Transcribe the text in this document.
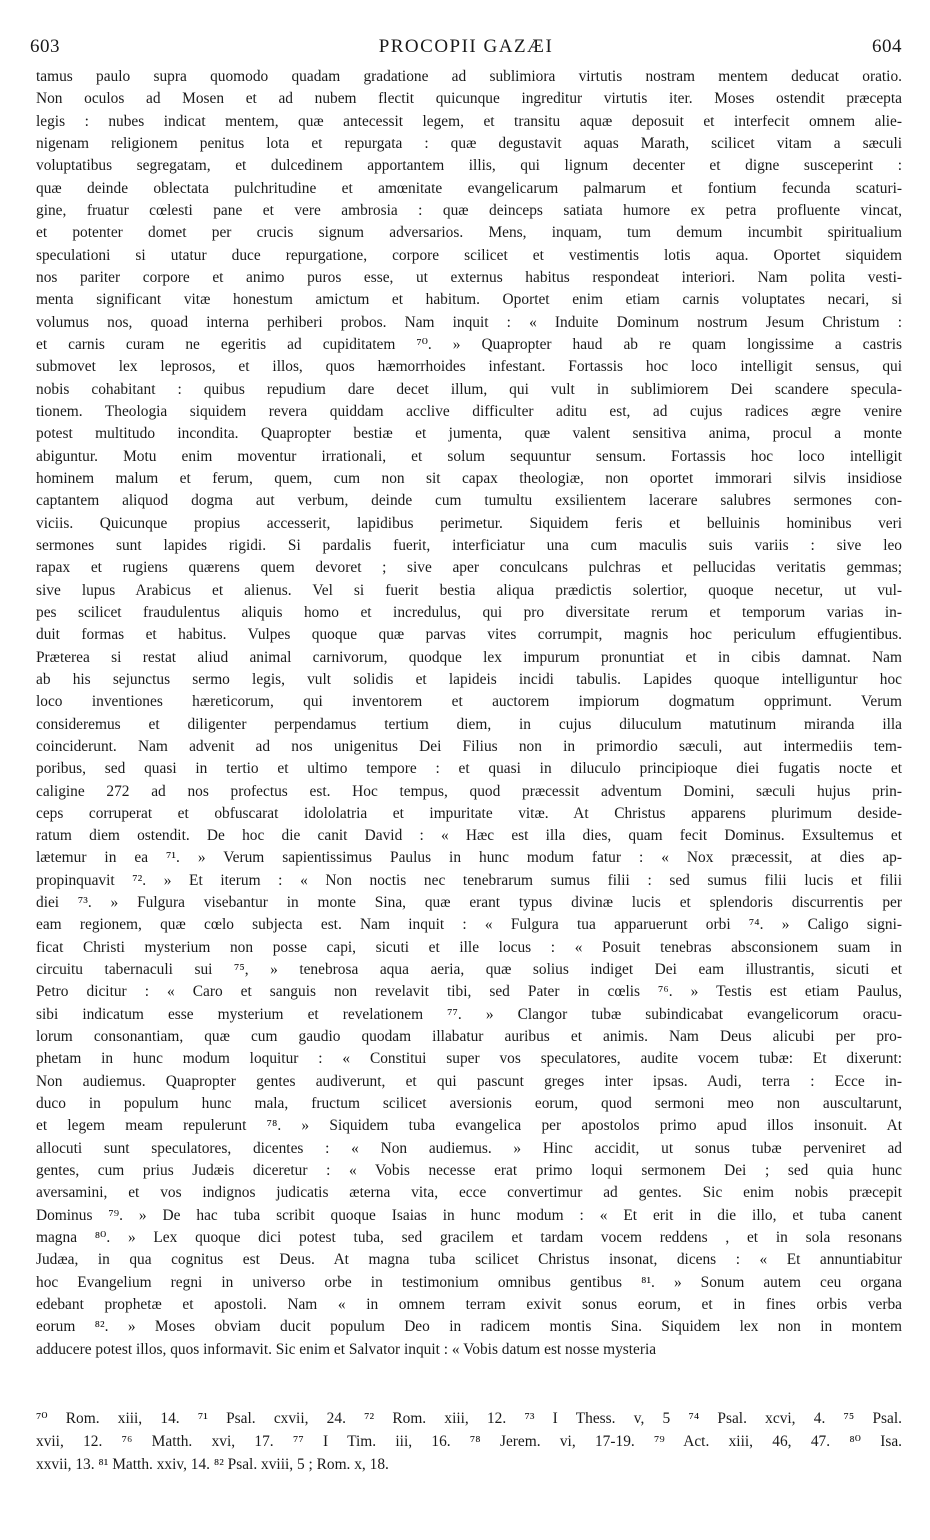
603	PROCOPII GAZÆI	604
tamus paulo supra quomodo quadam gradatione ad sublimiora virtutis nostram mentem deducat oratio.
Non oculos ad Mosen et ad nubem flectit quicunque ingreditur virtutis iter. Moses ostendit præcepta
legis : nubes indicat mentem, quæ antecessit legem, et transitu aquæ deposuit et interfecit omnem alie-
nigenam religionem penitus lota et repurgata : quæ degustavit aquas Marath, scilicet vitam a sæculi
voluptatibus segregatam, et dulcedinem apportantem illis, qui lignum decenter et digne susceperint :
quæ deinde oblectata pulchritudine et amœnitate evangelicarum palmarum et fontium fecunda scaturi-
gine, fruatur cœlesti pane et vere ambrosia : quæ deinceps satiata humore ex petra profluente vincat,
et potenter domet per crucis signum adversarios. Mens, inquam, tum demum incumbit spiritualium
speculationi si utatur duce repurgatione, corpore scilicet et vestimentis lotis aqua. Oportet siquidem
nos pariter corpore et animo puros esse, ut externus habitus respondeat interiori. Nam polita vesti-
menta significant vitæ honestum amictum et habitum. Oportet enim etiam carnis voluptates necari, si
volumus nos, quoad interna perhiberi probos. Nam inquit : « Induite Dominum nostrum Jesum Christum :
et carnis curam ne egeritis ad cupiditatem ⁷⁰. » Quapropter haud ab re quam longissime a castris
submovet lex leprosos, et illos, quos hæmorrhoides infestant. Fortassis hoc loco intelligit sensus, qui
nobis cohabitant : quibus repudium dare decet illum, qui vult in sublimiorem Dei scandere specula-
tionem. Theologia siquidem revera quiddam acclive difficulter aditu est, ad cujus radices ægre venire
potest multitudo incondita. Quapropter bestiæ et jumenta, quæ valent sensitiva anima, procul a monte
abiguntur. Motu enim moventur irrationali, et solum sequuntur sensum. Fortassis hoc loco intelligit
hominem malum et ferum, quem, cum non sit capax theologiæ, non oportet immorari silvis insidiose
captantem aliquod dogma aut verbum, deinde cum tumultu exsilientem lacerare salubres sermones con-
viciis. Quicunque propius accesserit, lapidibus perimetur. Siquidem feris et belluinis hominibus veri
sermones sunt lapides rigidi. Si pardalis fuerit, interficiatur una cum maculis suis variis : sive leo
rapax et rugiens quærens quem devoret ; sive aper conculcans pulchras et pellucidas veritatis gemmas;
sive lupus Arabicus et alienus. Vel si fuerit bestia aliqua prædictis solertior, quoque necetur, ut vul-
pes scilicet fraudulentus aliquis homo et incredulus, qui pro diversitate rerum et temporum varias in-
duit formas et habitus. Vulpes quoque quæ parvas vites corrumpit, magnis hoc periculum effugientibus.
Præterea si restat aliud animal carnivorum, quodque lex impurum pronuntiat et in cibis damnat. Nam
ab his sejunctus sermo legis, vult solidis et lapideis incidi tabulis. Lapides quoque intelliguntur hoc
loco inventiones hæreticorum, qui inventorem et auctorem impiorum dogmatum opprimunt. Verum
consideremus et diligenter perpendamus tertium diem, in cujus diluculum matutinum miranda illa
coinciderunt. Nam advenit ad nos unigenitus Dei Filius non in primordio sæculi, aut intermediis tem-
poribus, sed quasi in tertio et ultimo tempore : et quasi in diluculo principioque diei fugatis nocte et
caligine 272 ad nos profectus est. Hoc tempus, quod præcessit adventum Domini, sæculi hujus prin-
ceps corruperat et obfuscarat idololatria et impuritate vitæ. At Christus apparens plurimum deside-
ratum diem ostendit. De hoc die canit David : « Hæc est illa dies, quam fecit Dominus. Exsultemus et
lætemur in ea ⁷¹. » Verum sapientissimus Paulus in hunc modum fatur : « Nox præcessit, at dies ap-
propinquavit ⁷². » Et iterum : « Non noctis nec tenebrarum sumus filii : sed sumus filii lucis et filii
diei ⁷³. » Fulgura visebantur in monte Sina, quæ erant typus divinæ lucis et splendoris discurrentis per
eam regionem, quæ cœlo subjecta est. Nam inquit : « Fulgura tua apparuerunt orbi ⁷⁴. » Caligo signi-
ficat Christi mysterium non posse capi, sicuti et ille locus : « Posuit tenebras absconsionem suam in
circuitu tabernaculi sui ⁷⁵, » tenebrosa aqua aeria, quæ solius indiget Dei eam illustrantis, sicuti et
Petro dicitur : « Caro et sanguis non revelavit tibi, sed Pater in cœlis ⁷⁶. » Testis est etiam Paulus,
sibi indicatum esse mysterium et revelationem ⁷⁷. » Clangor tubæ subindicabat evangelicorum oracu-
lorum consonantiam, quæ cum gaudio quodam illabatur auribus et animis. Nam Deus alicubi per pro-
phetam in hunc modum loquitur : « Constitui super vos speculatores, audite vocem tubæ: Et dixerunt:
Non audiemus. Quapropter gentes audiverunt, et qui pascunt greges inter ipsas. Audi, terra : Ecce in-
duco in populum hunc mala, fructum scilicet aversionis eorum, quod sermoni meo non auscultarunt,
et legem meam repulerunt ⁷⁸. » Siquidem tuba evangelica per apostolos primo apud illos insonuit. At
allocuti sunt speculatores, dicentes : « Non audiemus. » Hinc accidit, ut sonus tubæ perveniret ad
gentes, cum prius Judæis diceretur : « Vobis necesse erat primo loqui sermonem Dei ; sed quia hunc
aversamini, et vos indignos judicatis æterna vita, ecce convertimur ad gentes. Sic enim nobis præcepit
Dominus ⁷⁹. » De hac tuba scribit quoque Isaias in hunc modum : « Et erit in die illo, et tuba canent
magna ⁸⁰. » Lex quoque dici potest tuba, sed gracilem et tardam vocem reddens , et in sola resonans
Judæa, in qua cognitus est Deus. At magna tuba scilicet Christus insonat, dicens : « Et annuntiabitur
hoc Evangelium regni in universo orbe in testimonium omnibus gentibus ⁸¹. » Sonum autem ceu organa
edebant prophetæ et apostoli. Nam « in omnem terram exivit sonus eorum, et in fines orbis verba
eorum ⁸². » Moses obviam ducit populum Deo in radicem montis Sina. Siquidem lex non in montem
adducere potest illos, quos informavit. Sic enim et Salvator inquit : « Vobis datum est nosse mysteria
⁷⁰ Rom. xiii, 14. ⁷¹ Psal. cxvii, 24. ⁷² Rom. xiii, 12. ⁷³ I Thess. v, 5 ⁷⁴ Psal. xcvi, 4. ⁷⁵ Psal.
xvii, 12. ⁷⁶ Matth. xvi, 17. ⁷⁷ I Tim. iii, 16. ⁷⁸ Jerem. vi, 17-19. ⁷⁹ Act. xiii, 46, 47. ⁸⁰ Isa.
xxvii, 13. ⁸¹ Matth. xxiv, 14. ⁸² Psal. xviii, 5 ; Rom. x, 18.
